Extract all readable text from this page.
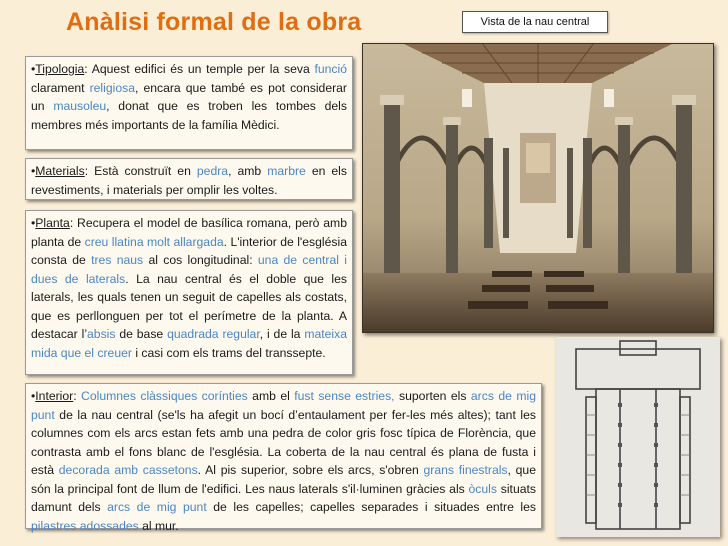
Anàlisi formal de la obra	Vista de la nau central
•Tipologia: Aquest edifici és un temple per la seva funció clarament religiosa, encara que també es pot considerar un mausoleu, donat que es troben les tombes dels membres més importants de la família Mèdici.
•Materials: Està construït en pedra, amb marbre en els revestiments, i materials per omplir les voltes.
•Planta: Recupera el model de basílica romana, però amb planta de creu llatina molt allargada. L'interior de l'església consta de tres naus al cos longitudinal: una de central i dues de laterals. La nau central és el doble que les laterals, les quals tenen un seguit de capelles als costats, que es perllonguen per tot el perímetre de la planta. A destacar l’absis de base quadrada regular, i de la mateixa mida que el creuer i casi com els trams del transsepte.
•Interior: Columnes clàssiques corínties amb el fust sense estries, suporten els arcs de mig punt de la nau central (se'ls ha afegit un bocí d’entaulament per fer-les més altes); tant les columnes com els arcs estan fets amb una pedra de color gris fosc típica de Florència, que contrasta amb el fons blanc de l'església. La coberta de la nau central és plana de fusta i està decorada amb cassetons. Al pis superior, sobre els arcs, s'obren grans finestrals, que són la principal font de llum de l'edifici. Les naus laterals s'il·luminen gràcies als òculs situats damunt dels arcs de mig punt de les capelles; capelles separades i situades entre les pilastres adossades al mur.
